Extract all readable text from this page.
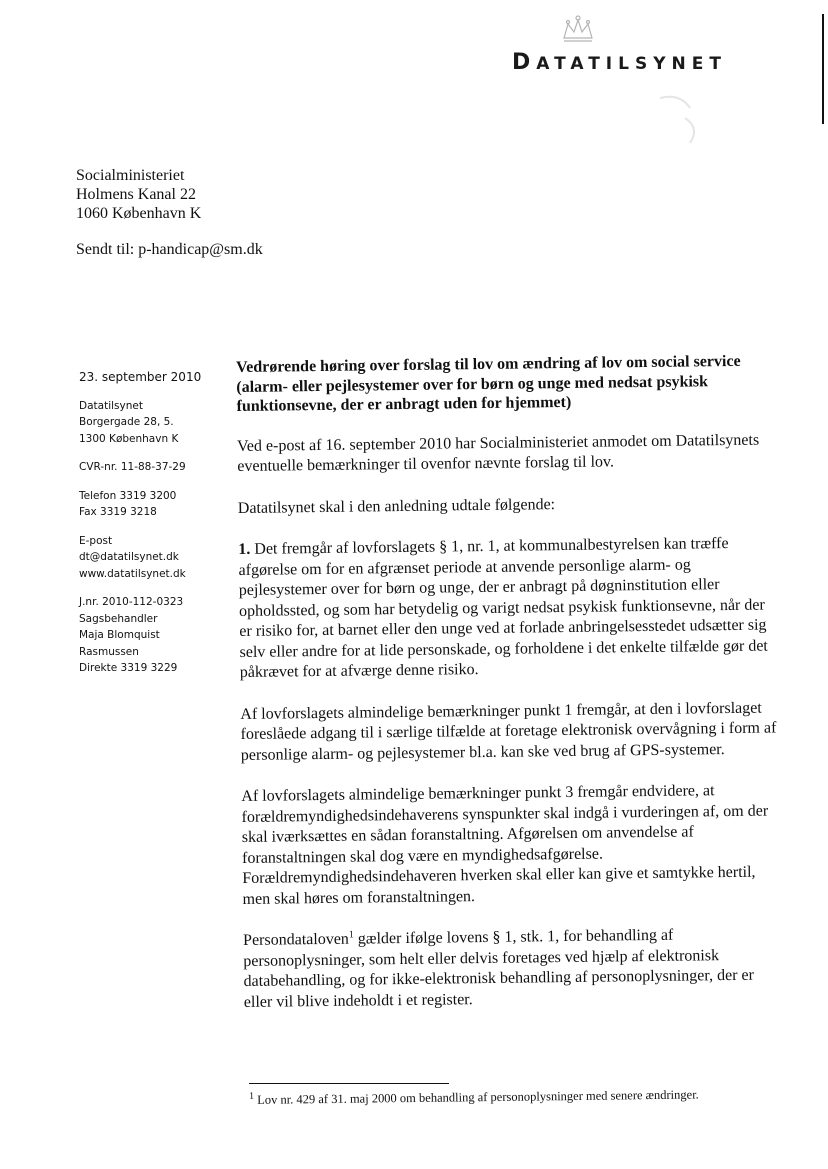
DATATILSYNET
Socialministeriet
Holmens Kanal 22
1060 København K
Sendt til: p-handicap@sm.dk
23. september 2010
Datatilsynet
Borgergade 28, 5.
1300 København K
CVR-nr. 11-88-37-29
Telefon 3319 3200
Fax 3319 3218
E-post
dt@datatilsynet.dk
www.datatilsynet.dk
J.nr. 2010-112-0323
Sagsbehandler
Maja Blomquist
Rasmussen
Direkte 3319 3229
Vedrørende høring over forslag til lov om ændring af lov om social service (alarm- eller pejlesystemer over for børn og unge med nedsat psykisk funktionsevne, der er anbragt uden for hjemmet)

Ved e-post af 16. september 2010 har Socialministeriet anmodet om Datatilsynets eventuelle bemærkninger til ovenfor nævnte forslag til lov.

Datatilsynet skal i den anledning udtale følgende:

1. Det fremgår af lovforslagets § 1, nr. 1, at kommunalbestyrelsen kan træffe afgørelse om for en afgrænset periode at anvende personlige alarm- og pejlesystemer over for børn og unge, der er anbragt på døgninstitution eller opholdssted, og som har betydelig og varigt nedsat psykisk funktionsevne, når der er risiko for, at barnet eller den unge ved at forlade anbringelsesstedet udsætter sig selv eller andre for at lide personskade, og forholdene i det enkelte tilfælde gør det påkrævet for at afværge denne risiko.

Af lovforslagets almindelige bemærkninger punkt 1 fremgår, at den i lovforslaget foreslåede adgang til i særlige tilfælde at foretage elektronisk overvågning i form af personlige alarm- og pejlesystemer bl.a. kan ske ved brug af GPS-systemer.

Af lovforslagets almindelige bemærkninger punkt 3 fremgår endvidere, at forældremyndighedsindehaverens synspunkter skal indgå i vurderingen af, om der skal iværksættes en sådan foranstaltning. Afgørelsen om anvendelse af foranstaltningen skal dog være en myndighedsafgørelse. Forældremyndighedsindehaveren hverken skal eller kan give et samtykke hertil, men skal høres om foranstaltningen.

Persondataloven$^1$ gælder ifølge lovens § 1, stk. 1, for behandling af personoplysninger, som helt eller delvis foretages ved hjælp af elektronisk databehandling, og for ikke-elektronisk behandling af personoplysninger, der er eller vil blive indeholdt i et register.

$^1$ Lov nr. 429 af 31. maj 2000 om behandling af personoplysninger med senere ændringer.
